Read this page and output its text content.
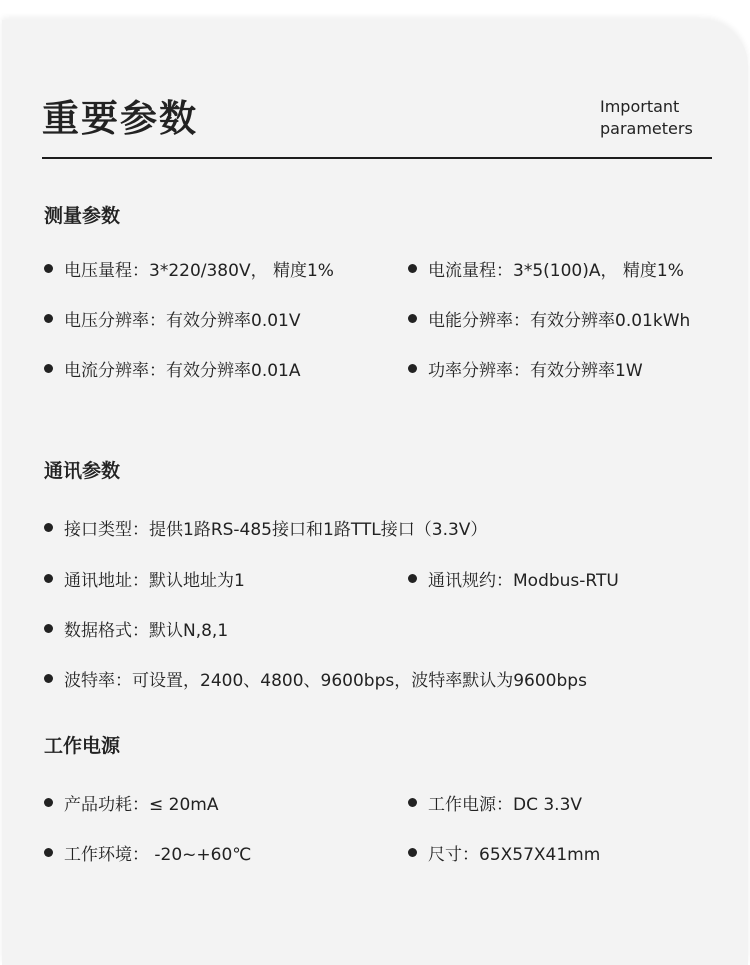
重要参数	Important
parameters
测量参数
电压量程：3*220/380V， 精度1%	电流量程：3*5(100)A， 精度1%
电压分辨率：有效分辨率0.01V	电能分辨率：有效分辨率0.01kWh
电流分辨率：有效分辨率0.01A	功率分辨率：有效分辨率1W
通讯参数
接口类型：提供1路RS-485接口和1路TTL接口（3.3V）
通讯地址：默认地址为1	通讯规约：Modbus-RTU
数据格式：默认N,8,1
波特率：可设置，2400、4800、9600bps，波特率默认为9600bps
工作电源
产品功耗：≤ 20mA	工作电源：DC 3.3V
工作环境： -20~+60℃	尺寸：65X57X41mm
